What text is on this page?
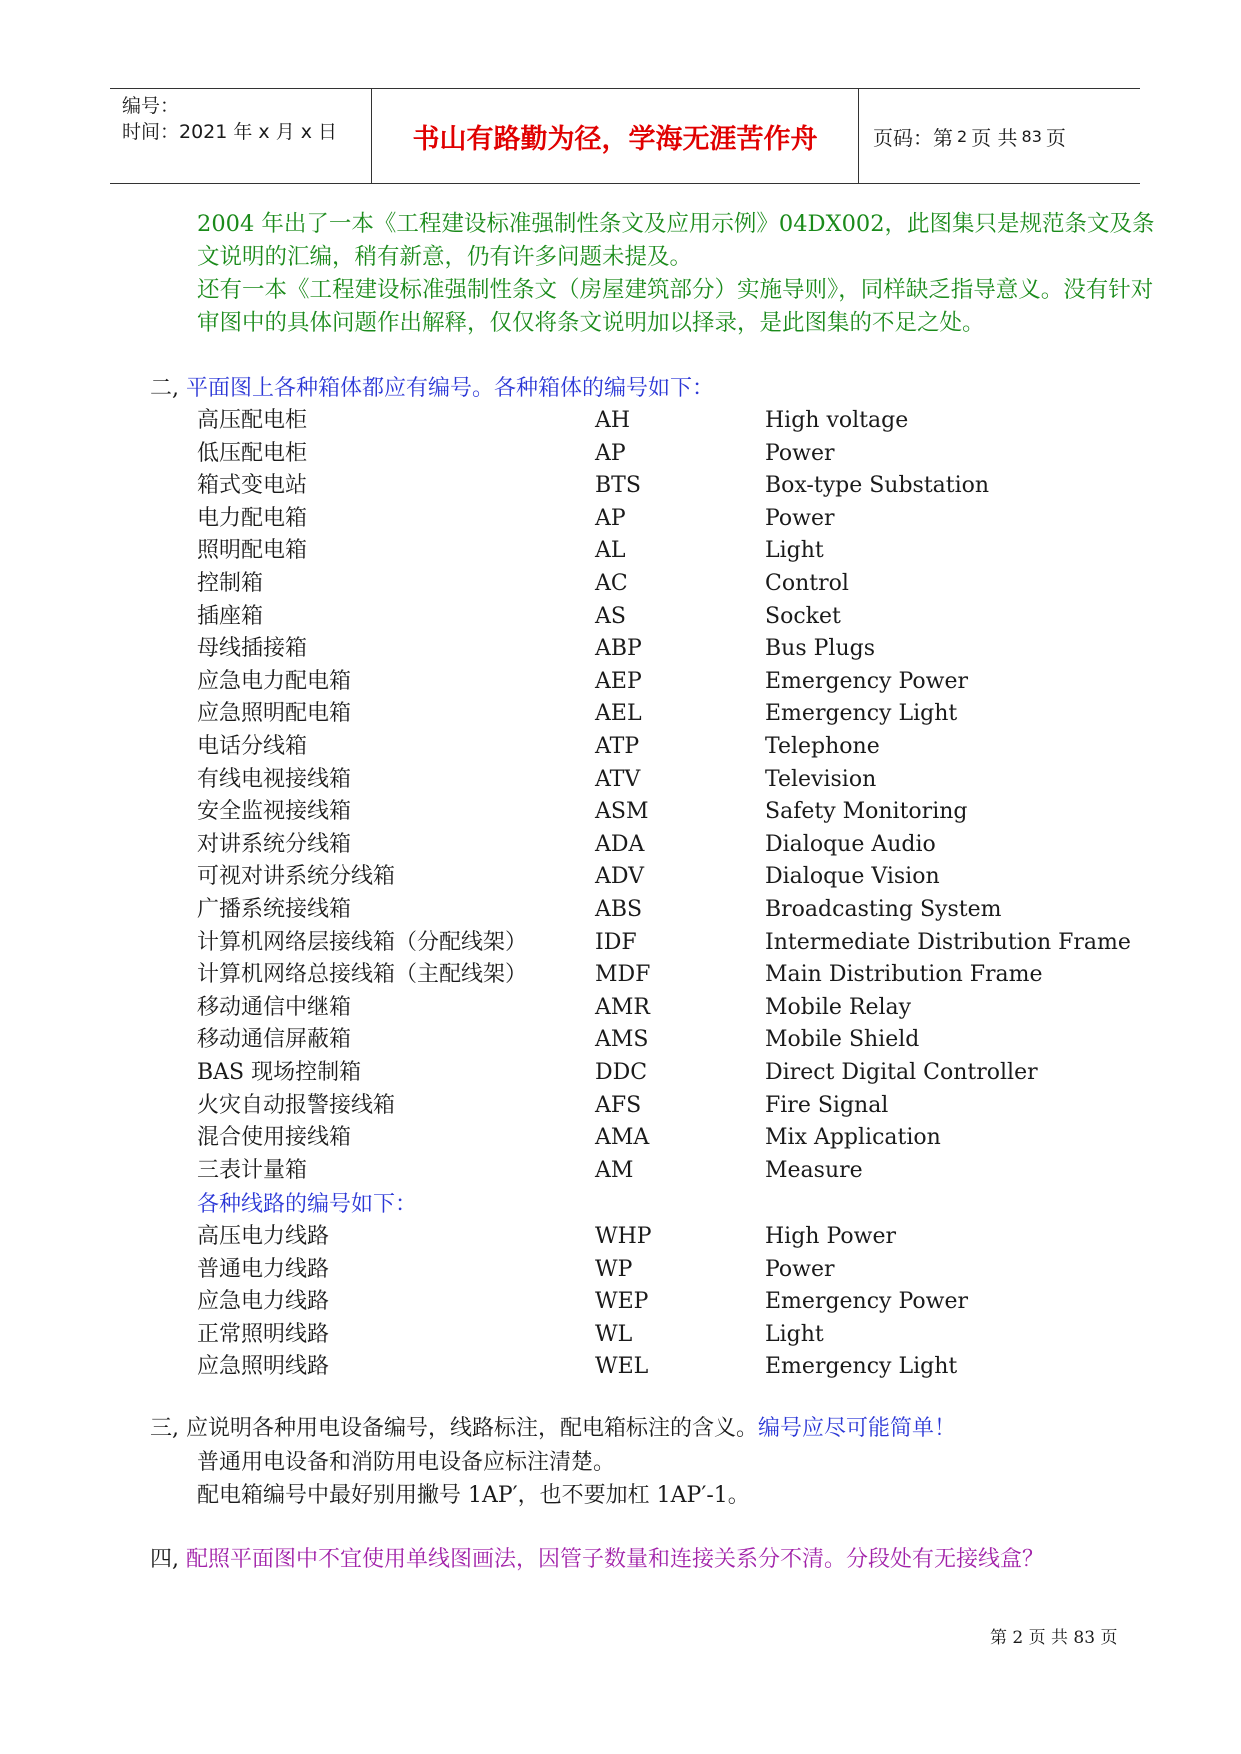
编号：
时间：2021 年 x 月 x 日	书山有路勤为径，学海无涯苦作舟	页码：第 2 页 共 83 页

2004 年出了一本《工程建设标准强制性条文及应用示例》04DX002，此图集只是规范条文及条文说明的汇编，稍有新意，仍有许多问题未提及。

还有一本《工程建设标准强制性条文（房屋建筑部分）实施导则》，同样缺乏指导意义。没有针对审图中的具体问题作出解释，仅仅将条文说明加以择录，是此图集的不足之处。

二, 平面图上各种箱体都应有编号。各种箱体的编号如下：
高压配电柜	AH	High voltage
低压配电柜	AP	Power
箱式变电站	BTS	Box-type Substation
电力配电箱	AP	Power
照明配电箱	AL	Light
控制箱	AC	Control
插座箱	AS	Socket
母线插接箱	ABP	Bus Plugs
应急电力配电箱	AEP	Emergency Power
应急照明配电箱	AEL	Emergency Light
电话分线箱	ATP	Telephone
有线电视接线箱	ATV	Television
安全监视接线箱	ASM	Safety Monitoring
对讲系统分线箱	ADA	Dialoque Audio
可视对讲系统分线箱	ADV	Dialoque Vision
广播系统接线箱	ABS	Broadcasting System
计算机网络层接线箱（分配线架）	IDF	Intermediate Distribution Frame
计算机网络总接线箱（主配线架）	MDF	Main Distribution Frame
移动通信中继箱	AMR	Mobile Relay
移动通信屏蔽箱	AMS	Mobile Shield
BAS 现场控制箱	DDC	Direct Digital Controller
火灾自动报警接线箱	AFS	Fire Signal
混合使用接线箱	AMA	Mix Application
三表计量箱	AM	Measure
各种线路的编号如下：
高压电力线路	WHP	High Power
普通电力线路	WP	Power
应急电力线路	WEP	Emergency Power
正常照明线路	WL	Light
应急照明线路	WEL	Emergency Light
三, 应说明各种用电设备编号，线路标注，配电箱标注的含义。编号应尽可能简单！
普通用电设备和消防用电设备应标注清楚。
配电箱编号中最好别用撇号 1AP′，也不要加杠 1AP′-1。
四, 配照平面图中不宜使用单线图画法，因管子数量和连接关系分不清。分段处有无接线盒？
第 2 页 共 83 页
